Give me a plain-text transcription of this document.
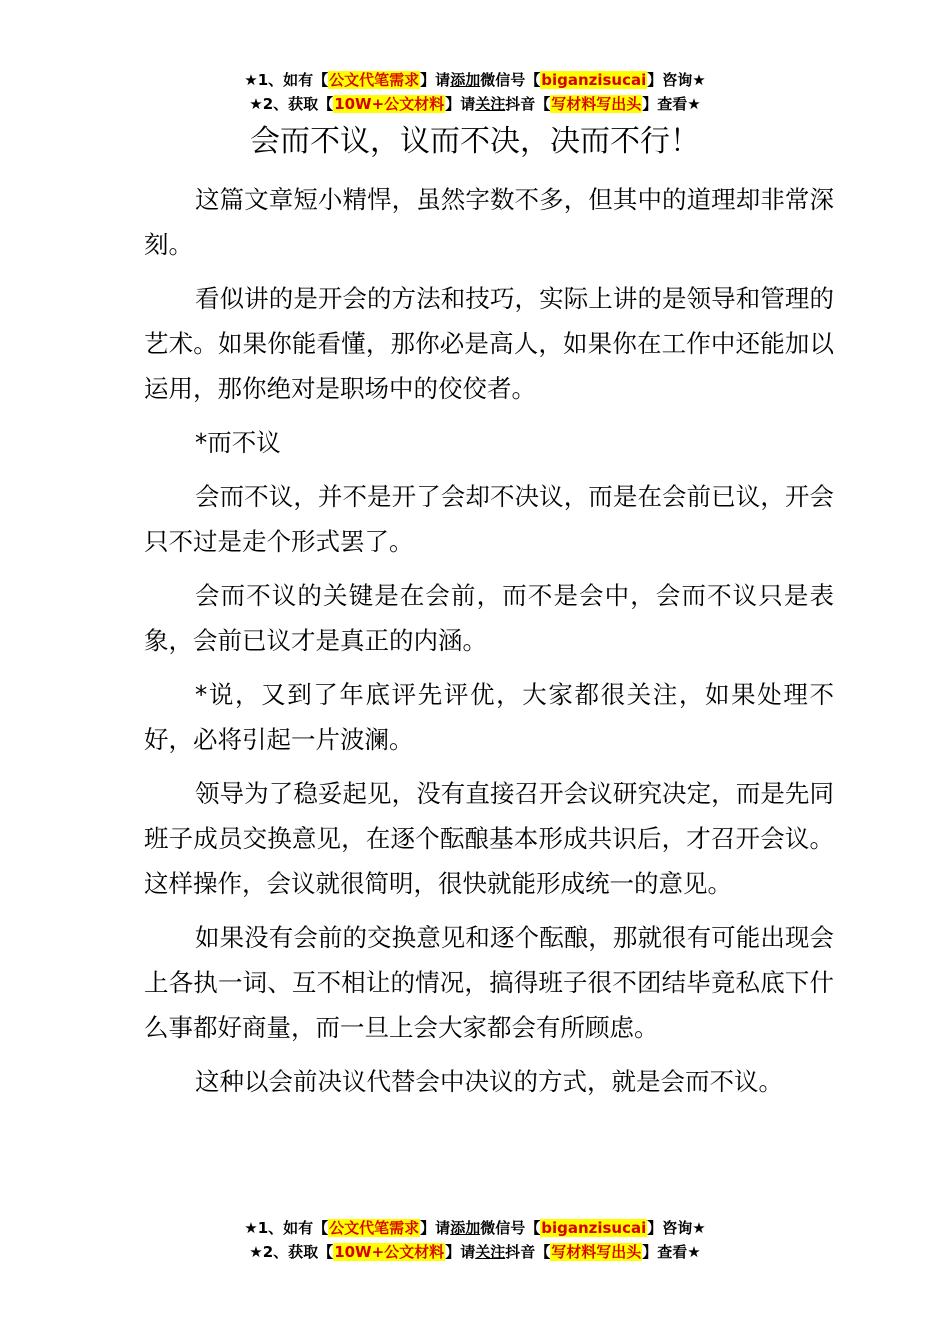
★1、如有【公文代笔需求】请添加微信号【biganzisucai】咨询★
★2、获取【10W+公文材料】请关注抖音【写材料写出头】查看★
会而不议，议而不决，决而不行！

这篇文章短小精悍，虽然字数不多，但其中的道理却非常深刻。

看似讲的是开会的方法和技巧，实际上讲的是领导和管理的艺术。如果你能看懂，那你必是高人，如果你在工作中还能加以运用，那你绝对是职场中的佼佼者。

*而不议

会而不议，并不是开了会却不决议，而是在会前已议，开会只不过是走个形式罢了。

会而不议的关键是在会前，而不是会中，会而不议只是表象，会前已议才是真正的内涵。

*说，又到了年底评先评优，大家都很关注，如果处理不好，必将引起一片波澜。

领导为了稳妥起见，没有直接召开会议研究决定，而是先同班子成员交换意见，在逐个酝酿基本形成共识后，才召开会议。这样操作，会议就很简明，很快就能形成统一的意见。

如果没有会前的交换意见和逐个酝酿，那就很有可能出现会上各执一词、互不相让的情况，搞得班子很不团结毕竟私底下什么事都好商量，而一旦上会大家都会有所顾虑。

这种以会前决议代替会中决议的方式，就是会而不议。

★1、如有【公文代笔需求】请添加微信号【biganzisucai】咨询★
★2、获取【10W+公文材料】请关注抖音【写材料写出头】查看★
